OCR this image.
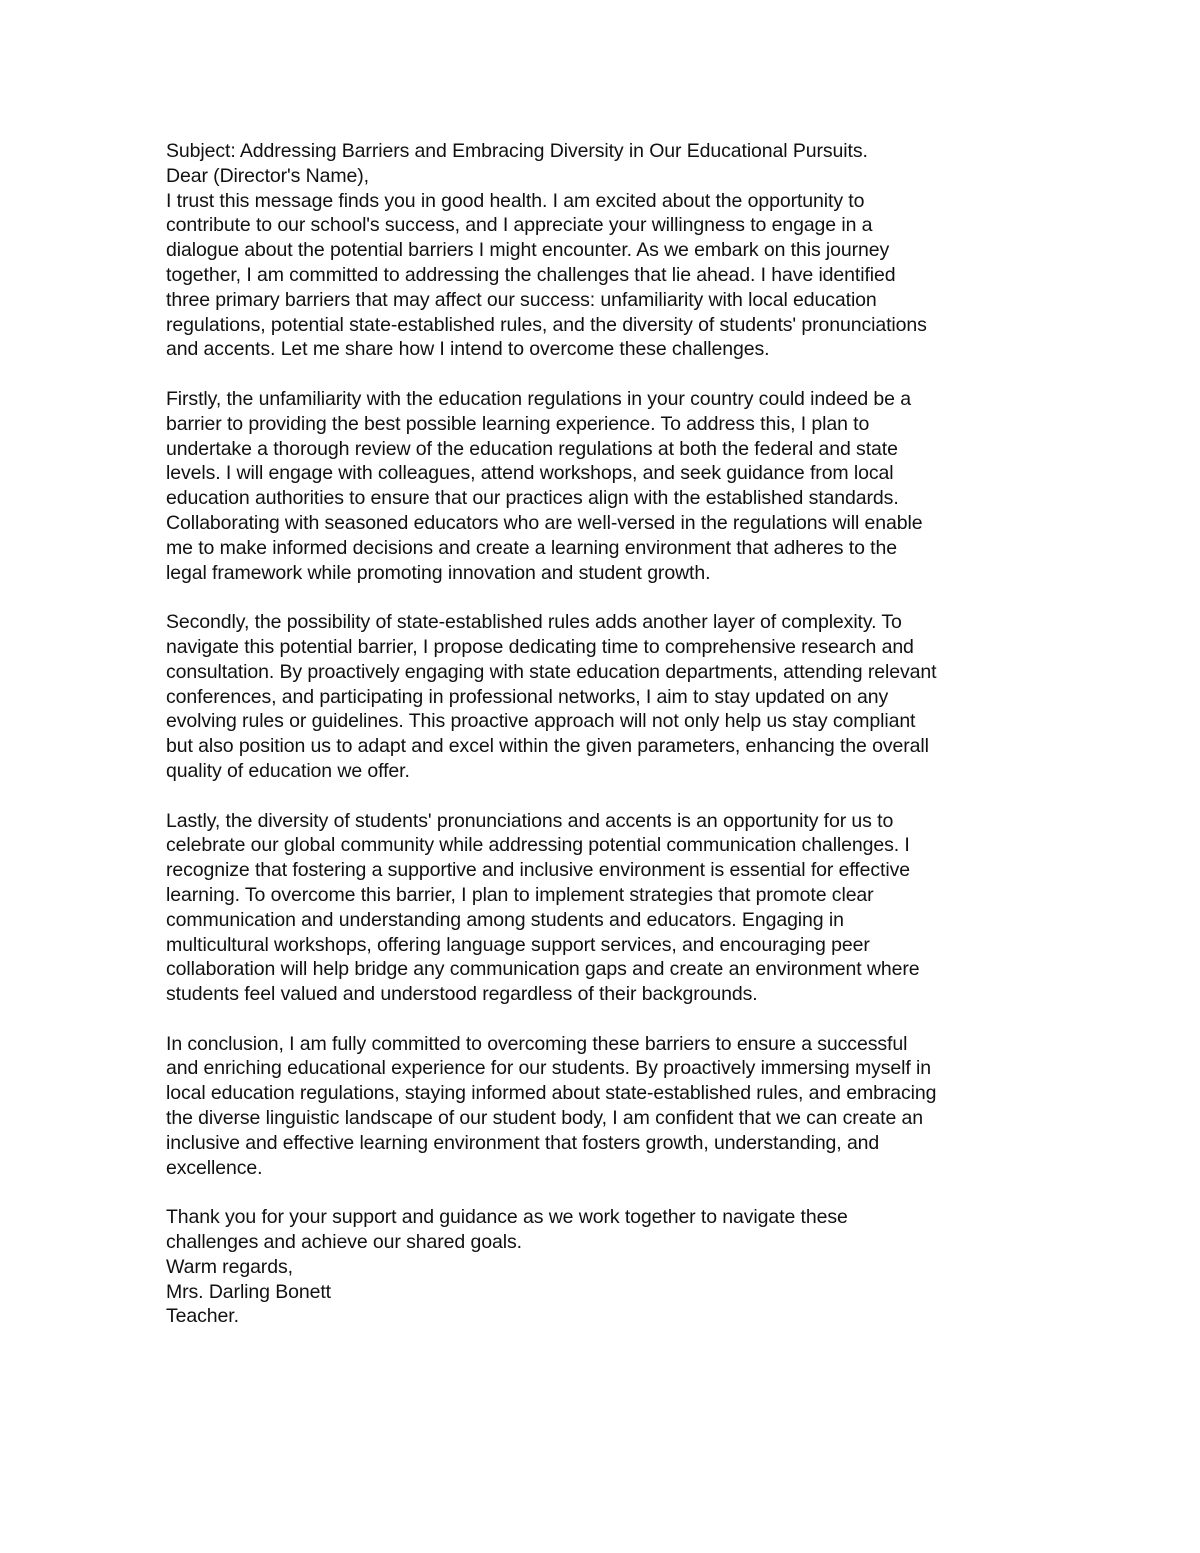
Subject: Addressing Barriers and Embracing Diversity in Our Educational Pursuits.

Dear (Director's Name),

I trust this message finds you in good health. I am excited about the opportunity to
contribute to our school's success, and I appreciate your willingness to engage in a
dialogue about the potential barriers I might encounter. As we embark on this journey
together, I am committed to addressing the challenges that lie ahead. I have identified
three primary barriers that may affect our success: unfamiliarity with local education
regulations, potential state-established rules, and the diversity of students' pronunciations
and accents. Let me share how I intend to overcome these challenges.
Firstly, the unfamiliarity with the education regulations in your country could indeed be a
barrier to providing the best possible learning experience. To address this, I plan to
undertake a thorough review of the education regulations at both the federal and state
levels. I will engage with colleagues, attend workshops, and seek guidance from local
education authorities to ensure that our practices align with the established standards.
Collaborating with seasoned educators who are well-versed in the regulations will enable
me to make informed decisions and create a learning environment that adheres to the
legal framework while promoting innovation and student growth.
Secondly, the possibility of state-established rules adds another layer of complexity. To
navigate this potential barrier, I propose dedicating time to comprehensive research and
consultation. By proactively engaging with state education departments, attending relevant
conferences, and participating in professional networks, I aim to stay updated on any
evolving rules or guidelines. This proactive approach will not only help us stay compliant
but also position us to adapt and excel within the given parameters, enhancing the overall
quality of education we offer.
Lastly, the diversity of students' pronunciations and accents is an opportunity for us to
celebrate our global community while addressing potential communication challenges. I
recognize that fostering a supportive and inclusive environment is essential for effective
learning. To overcome this barrier, I plan to implement strategies that promote clear
communication and understanding among students and educators. Engaging in
multicultural workshops, offering language support services, and encouraging peer
collaboration will help bridge any communication gaps and create an environment where
students feel valued and understood regardless of their backgrounds.
In conclusion, I am fully committed to overcoming these barriers to ensure a successful
and enriching educational experience for our students. By proactively immersing myself in
local education regulations, staying informed about state-established rules, and embracing
the diverse linguistic landscape of our student body, I am confident that we can create an
inclusive and effective learning environment that fosters growth, understanding, and
excellence.
Thank you for your support and guidance as we work together to navigate these
challenges and achieve our shared goals.

Warm regards,

Mrs. Darling Bonett
Teacher.
